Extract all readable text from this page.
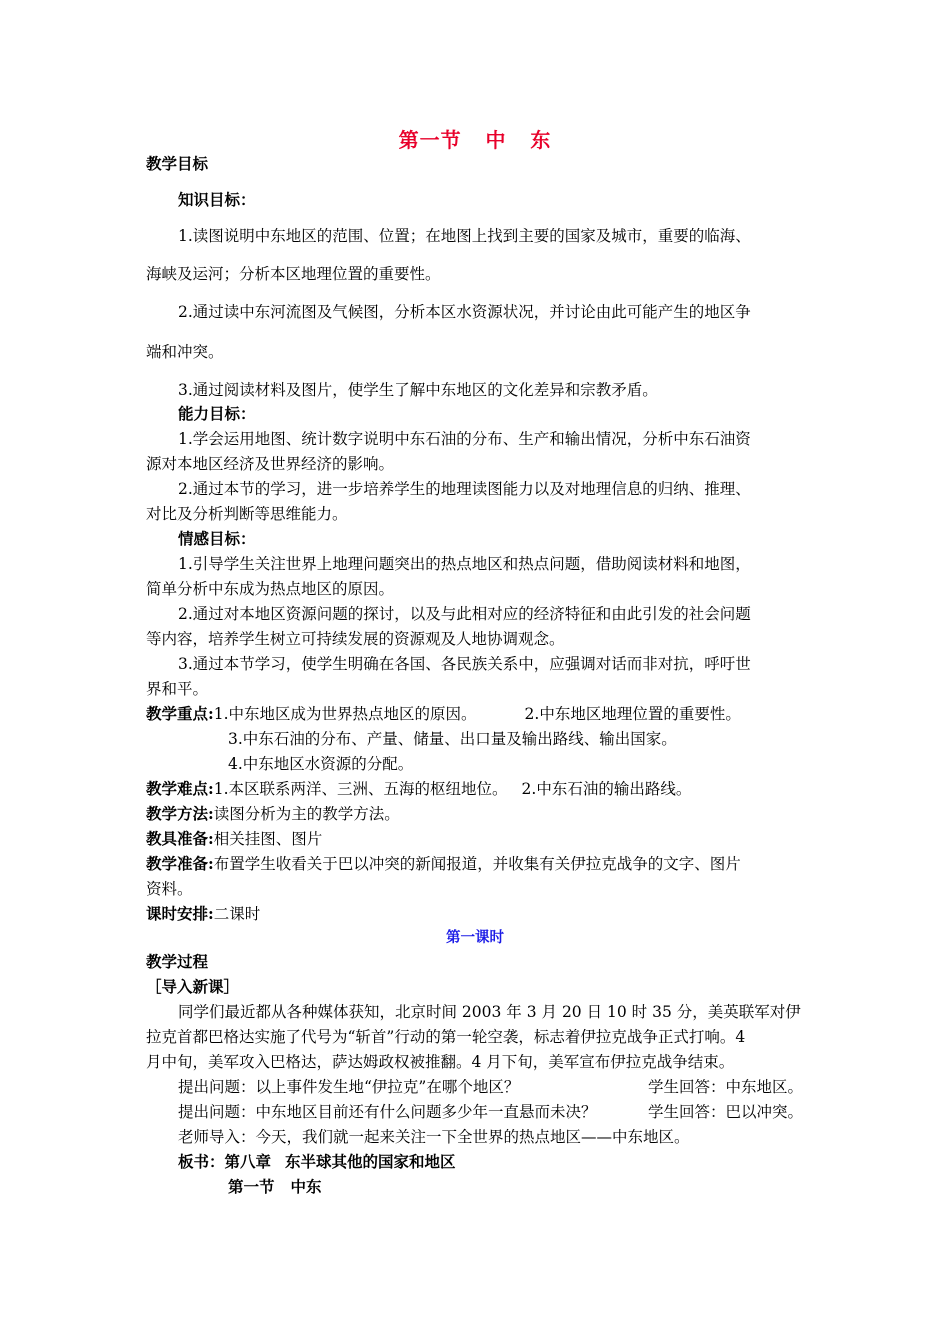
第一节   中   东
教学目标
知识目标：
1.读图说明中东地区的范围、位置；在地图上找到主要的国家及城市，重要的临海、
海峡及运河；分析本区地理位置的重要性。
2.通过读中东河流图及气候图，分析本区水资源状况，并讨论由此可能产生的地区争
端和冲突。
3.通过阅读材料及图片，使学生了解中东地区的文化差异和宗教矛盾。
能力目标：
1.学会运用地图、统计数字说明中东石油的分布、生产和输出情况，分析中东石油资
源对本地区经济及世界经济的影响。
2.通过本节的学习，进一步培养学生的地理读图能力以及对地理信息的归纳、推理、
对比及分析判断等思维能力。
情感目标：
1.引导学生关注世界上地理问题突出的热点地区和热点问题，借助阅读材料和地图，
简单分析中东成为热点地区的原因。
2.通过对本地区资源问题的探讨，以及与此相对应的经济特征和由此引发的社会问题
等内容，培养学生树立可持续发展的资源观及人地协调观念。
3.通过本节学习，使学生明确在各国、各民族关系中，应强调对话而非对抗，呼吁世
界和平。
教学重点:1.中东地区成为世界热点地区的原因。	2.中东地区地理位置的重要性。
3.中东石油的分布、产量、储量、出口量及输出路线、输出国家。
4.中东地区水资源的分配。
教学难点:1.本区联系两洋、三洲、五海的枢纽地位。 2.中东石油的输出路线。
教学方法:读图分析为主的教学方法。
教具准备:相关挂图、图片
教学准备:布置学生收看关于巴以冲突的新闻报道，并收集有关伊拉克战争的文字、图片
资料。
课时安排:二课时
第一课时
教学过程
［导入新课］
同学们最近都从各种媒体获知，北京时间 2003 年 3 月 20 日 10 时 35 分，美英联军对伊
拉克首都巴格达实施了代号为“斩首”行动的第一轮空袭，标志着伊拉克战争正式打响。4
月中旬，美军攻入巴格达，萨达姆政权被推翻。4 月下旬，美军宣布伊拉克战争结束。
提出问题：以上事件发生地“伊拉克”在哪个地区？	学生回答：中东地区。
提出问题：中东地区目前还有什么问题多少年一直悬而未决？	学生回答：巴以冲突。
老师导入：今天，我们就一起来关注一下全世界的热点地区——中东地区。
板书：第八章 东半球其他的国家和地区
第一节 中东
